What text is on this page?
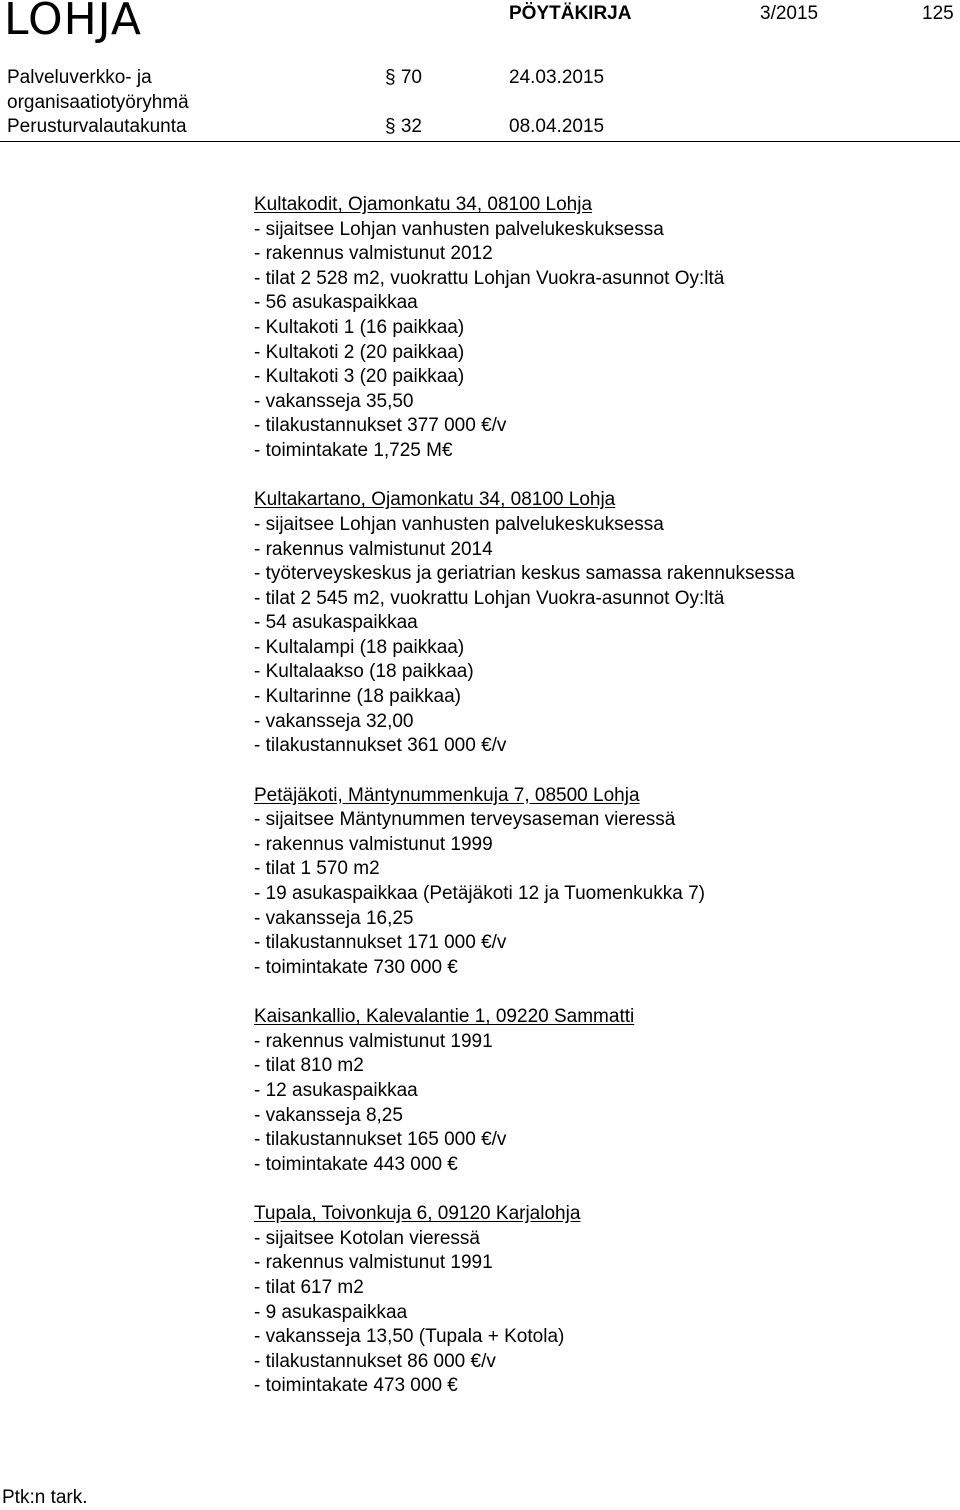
LOHJA	PÖYTÄKIRJA	3/2015	125
Palveluverkko- ja	§ 70	24.03.2015
organisaatiotyöryhmä
Perusturvalautakunta	§ 32	08.04.2015
Kultakodit, Ojamonkatu 34, 08100 Lohja
- sijaitsee Lohjan vanhusten palvelukeskuksessa
- rakennus valmistunut 2012
- tilat 2 528 m2, vuokrattu Lohjan Vuokra-asunnot Oy:ltä
- 56 asukaspaikkaa
- Kultakoti 1 (16 paikkaa)
- Kultakoti 2 (20 paikkaa)
- Kultakoti 3 (20 paikkaa)
- vakansseja 35,50
- tilakustannukset 377 000 €/v
- toimintakate 1,725 M€
Kultakartano, Ojamonkatu 34, 08100 Lohja
- sijaitsee Lohjan vanhusten palvelukeskuksessa
- rakennus valmistunut 2014
- työterveyskeskus ja geriatrian keskus samassa rakennuksessa
- tilat 2 545 m2, vuokrattu Lohjan Vuokra-asunnot Oy:ltä
- 54 asukaspaikkaa
- Kultalampi (18 paikkaa)
- Kultalaakso (18 paikkaa)
- Kultarinne (18 paikkaa)
- vakansseja 32,00
- tilakustannukset 361 000 €/v
Petäjäkoti, Mäntynummenkuja 7, 08500 Lohja
- sijaitsee Mäntynummen terveysaseman vieressä
- rakennus valmistunut 1999
- tilat 1 570 m2
- 19 asukaspaikkaa (Petäjäkoti 12 ja Tuomenkukka 7)
- vakansseja 16,25
- tilakustannukset 171 000 €/v
- toimintakate 730 000 €
Kaisankallio, Kalevalantie 1, 09220 Sammatti
- rakennus valmistunut 1991
- tilat 810 m2
- 12 asukaspaikkaa
- vakansseja 8,25
- tilakustannukset 165 000 €/v
- toimintakate 443 000 €
Tupala, Toivonkuja 6, 09120 Karjalohja
- sijaitsee Kotolan vieressä
- rakennus valmistunut 1991
- tilat 617 m2
- 9 asukaspaikkaa
- vakansseja 13,50 (Tupala + Kotola)
- tilakustannukset 86 000 €/v
- toimintakate 473 000 €
Ptk:n tark.
